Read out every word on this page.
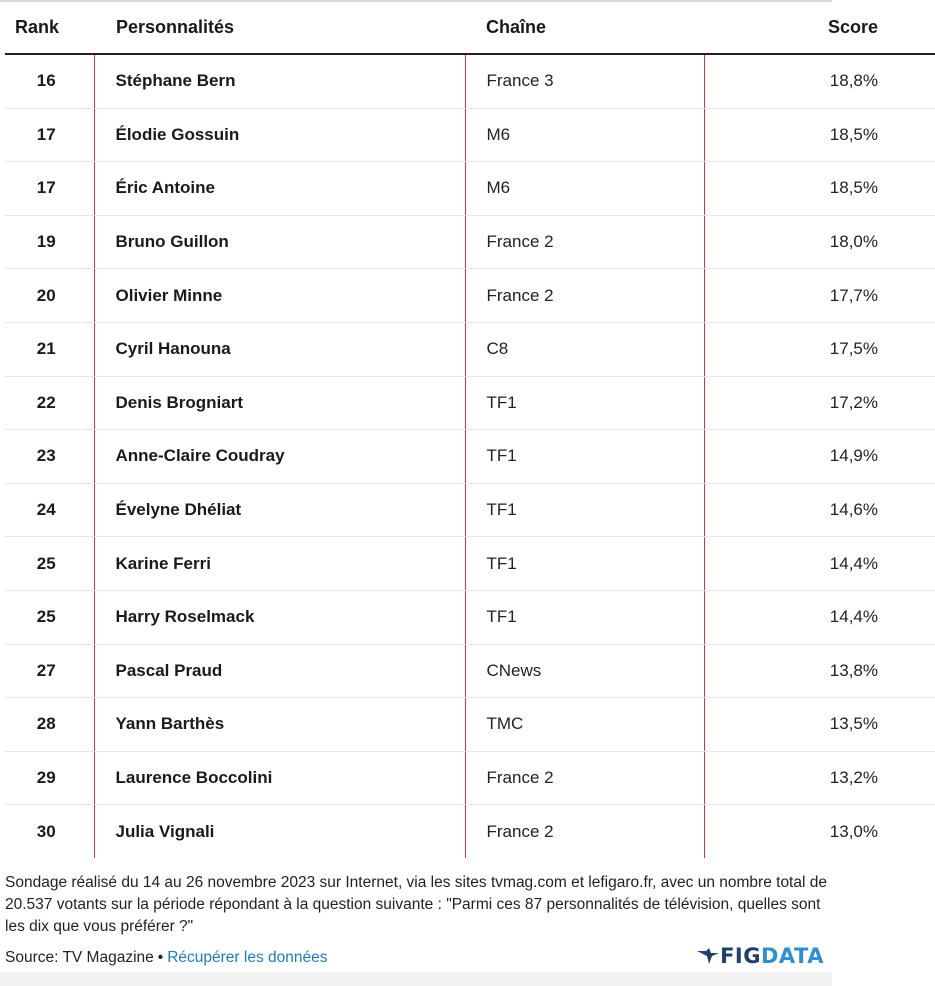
Rank	Personnalités	Chaîne	Score
16	Stéphane Bern	France 3	18,8%
17	Élodie Gossuin	M6	18,5%
17	Éric Antoine	M6	18,5%
19	Bruno Guillon	France 2	18,0%
20	Olivier Minne	France 2	17,7%
21	Cyril Hanouna	C8	17,5%
22	Denis Brogniart	TF1	17,2%
23	Anne-Claire Coudray	TF1	14,9%
24	Évelyne Dhéliat	TF1	14,6%
25	Karine Ferri	TF1	14,4%
25	Harry Roselmack	TF1	14,4%
27	Pascal Praud	CNews	13,8%
28	Yann Barthès	TMC	13,5%
29	Laurence Boccolini	France 2	13,2%
30	Julia Vignali	France 2	13,0%
Sondage réalisé du 14 au 26 novembre 2023 sur Internet, via les sites tvmag.com et lefigaro.fr, avec un nombre total de 20.537 votants sur la période répondant à la question suivante : "Parmi ces 87 personnalités de télévision, quelles sont les dix que vous préférer ?"
Source: TV Magazine • Récupérer les données	FIG DATA
